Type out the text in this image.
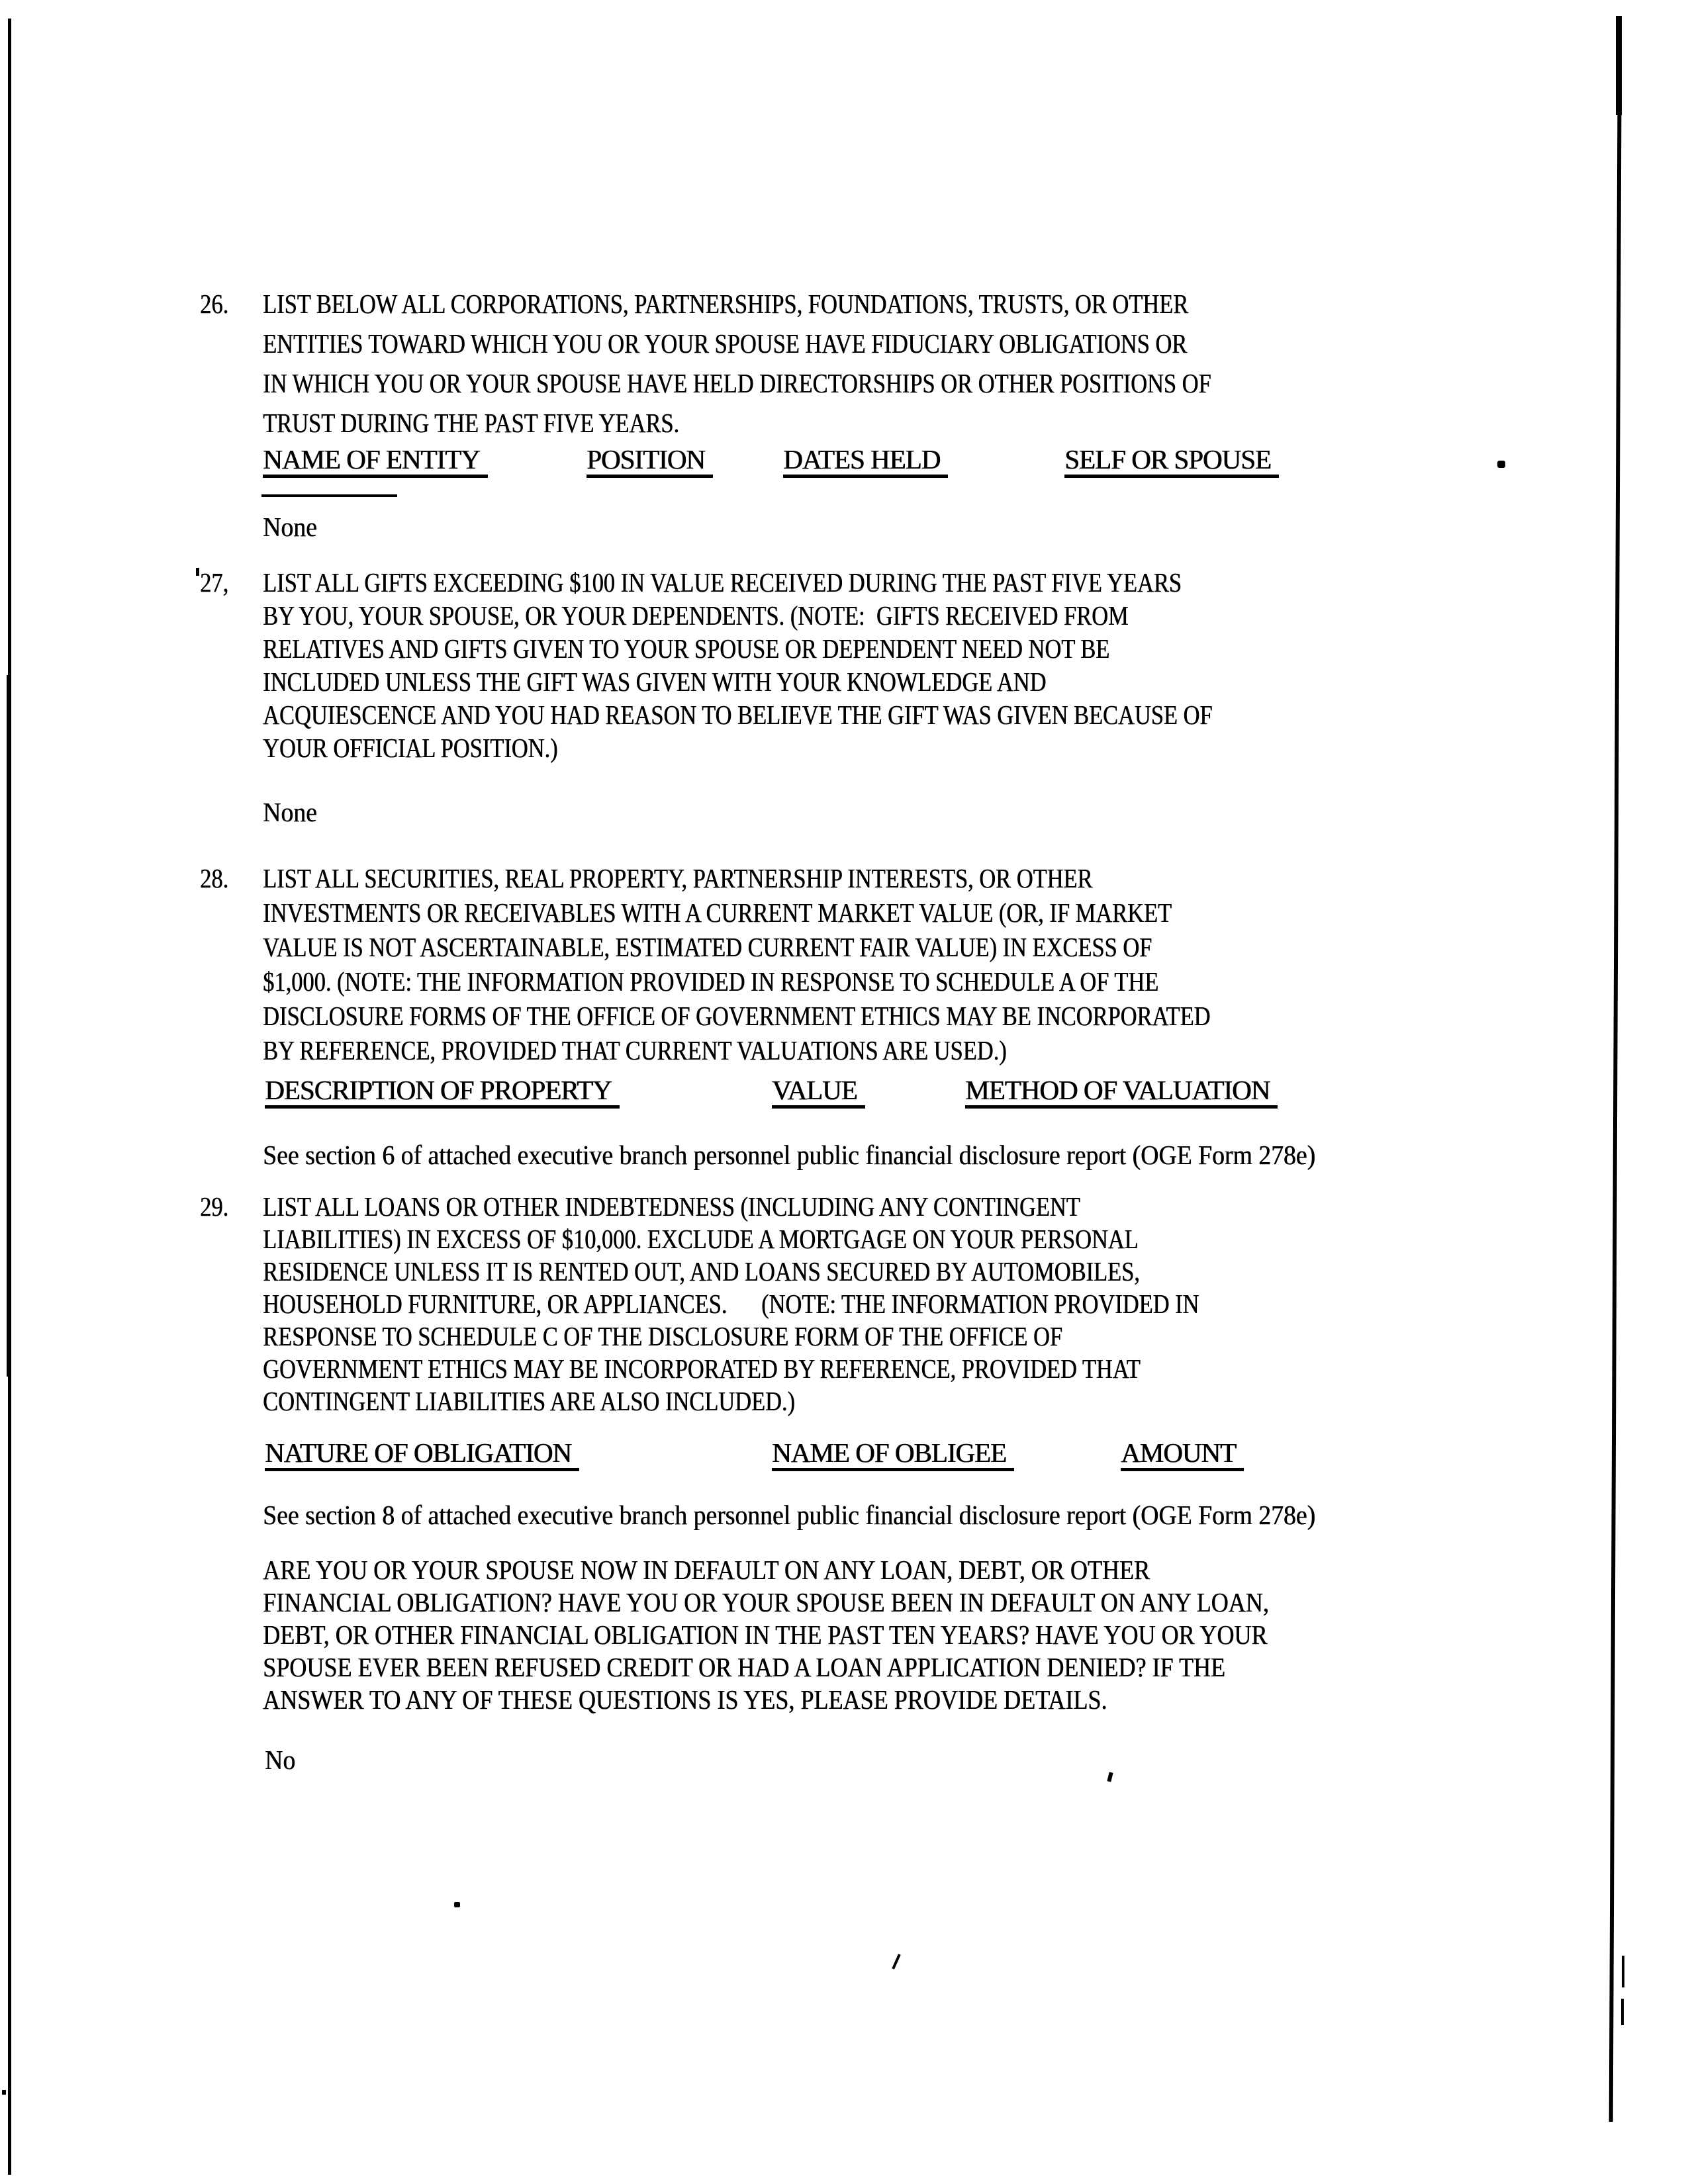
26. LIST BELOW ALL CORPORATIONS, PARTNERSHIPS, FOUNDATIONS, TRUSTS, OR OTHER
ENTITIES TOWARD WHICH YOU OR YOUR SPOUSE HAVE FIDUCIARY OBLIGATIONS OR
IN WHICH YOU OR YOUR SPOUSE HAVE HELD DIRECTORSHIPS OR OTHER POSITIONS OF
TRUST DURING THE PAST FIVE YEARS.
NAME OF ENTITY	POSITION	DATES HELD	SELF OR SPOUSE
None
27, LIST ALL GIFTS EXCEEDING $100 IN VALUE RECEIVED DURING THE PAST FIVE YEARS
BY YOU, YOUR SPOUSE, OR YOUR DEPENDENTS. (NOTE:  GIFTS RECEIVED FROM
RELATIVES AND GIFTS GIVEN TO YOUR SPOUSE OR DEPENDENT NEED NOT BE
INCLUDED UNLESS THE GIFT WAS GIVEN WITH YOUR KNOWLEDGE AND
ACQUIESCENCE AND YOU HAD REASON TO BELIEVE THE GIFT WAS GIVEN BECAUSE OF
YOUR OFFICIAL POSITION.)
None
28. LIST ALL SECURITIES, REAL PROPERTY, PARTNERSHIP INTERESTS, OR OTHER
INVESTMENTS OR RECEIVABLES WITH A CURRENT MARKET VALUE (OR, IF MARKET
VALUE IS NOT ASCERTAINABLE, ESTIMATED CURRENT FAIR VALUE) IN EXCESS OF
$1,000. (NOTE: THE INFORMATION PROVIDED IN RESPONSE TO SCHEDULE A OF THE
DISCLOSURE FORMS OF THE OFFICE OF GOVERNMENT ETHICS MAY BE INCORPORATED
BY REFERENCE, PROVIDED THAT CURRENT VALUATIONS ARE USED.)
DESCRIPTION OF PROPERTY	VALUE	METHOD OF VALUATION
See section 6 of attached executive branch personnel public financial disclosure report (OGE Form 278e)
29. LIST ALL LOANS OR OTHER INDEBTEDNESS (INCLUDING ANY CONTINGENT
LIABILITIES) IN EXCESS OF $10,000. EXCLUDE A MORTGAGE ON YOUR PERSONAL
RESIDENCE UNLESS IT IS RENTED OUT, AND LOANS SECURED BY AUTOMOBILES,
HOUSEHOLD FURNITURE, OR APPLIANCES.      (NOTE: THE INFORMATION PROVIDED IN
RESPONSE TO SCHEDULE C OF THE DISCLOSURE FORM OF THE OFFICE OF
GOVERNMENT ETHICS MAY BE INCORPORATED BY REFERENCE, PROVIDED THAT
CONTINGENT LIABILITIES ARE ALSO INCLUDED.)
NATURE OF OBLIGATION	NAME OF OBLIGEE	AMOUNT
See section 8 of attached executive branch personnel public financial disclosure report (OGE Form 278e)
ARE YOU OR YOUR SPOUSE NOW IN DEFAULT ON ANY LOAN, DEBT, OR OTHER
FINANCIAL OBLIGATION? HAVE YOU OR YOUR SPOUSE BEEN IN DEFAULT ON ANY LOAN,
DEBT, OR OTHER FINANCIAL OBLIGATION IN THE PAST TEN YEARS? HAVE YOU OR YOUR
SPOUSE EVER BEEN REFUSED CREDIT OR HAD A LOAN APPLICATION DENIED? IF THE
ANSWER TO ANY OF THESE QUESTIONS IS YES, PLEASE PROVIDE DETAILS.
No
